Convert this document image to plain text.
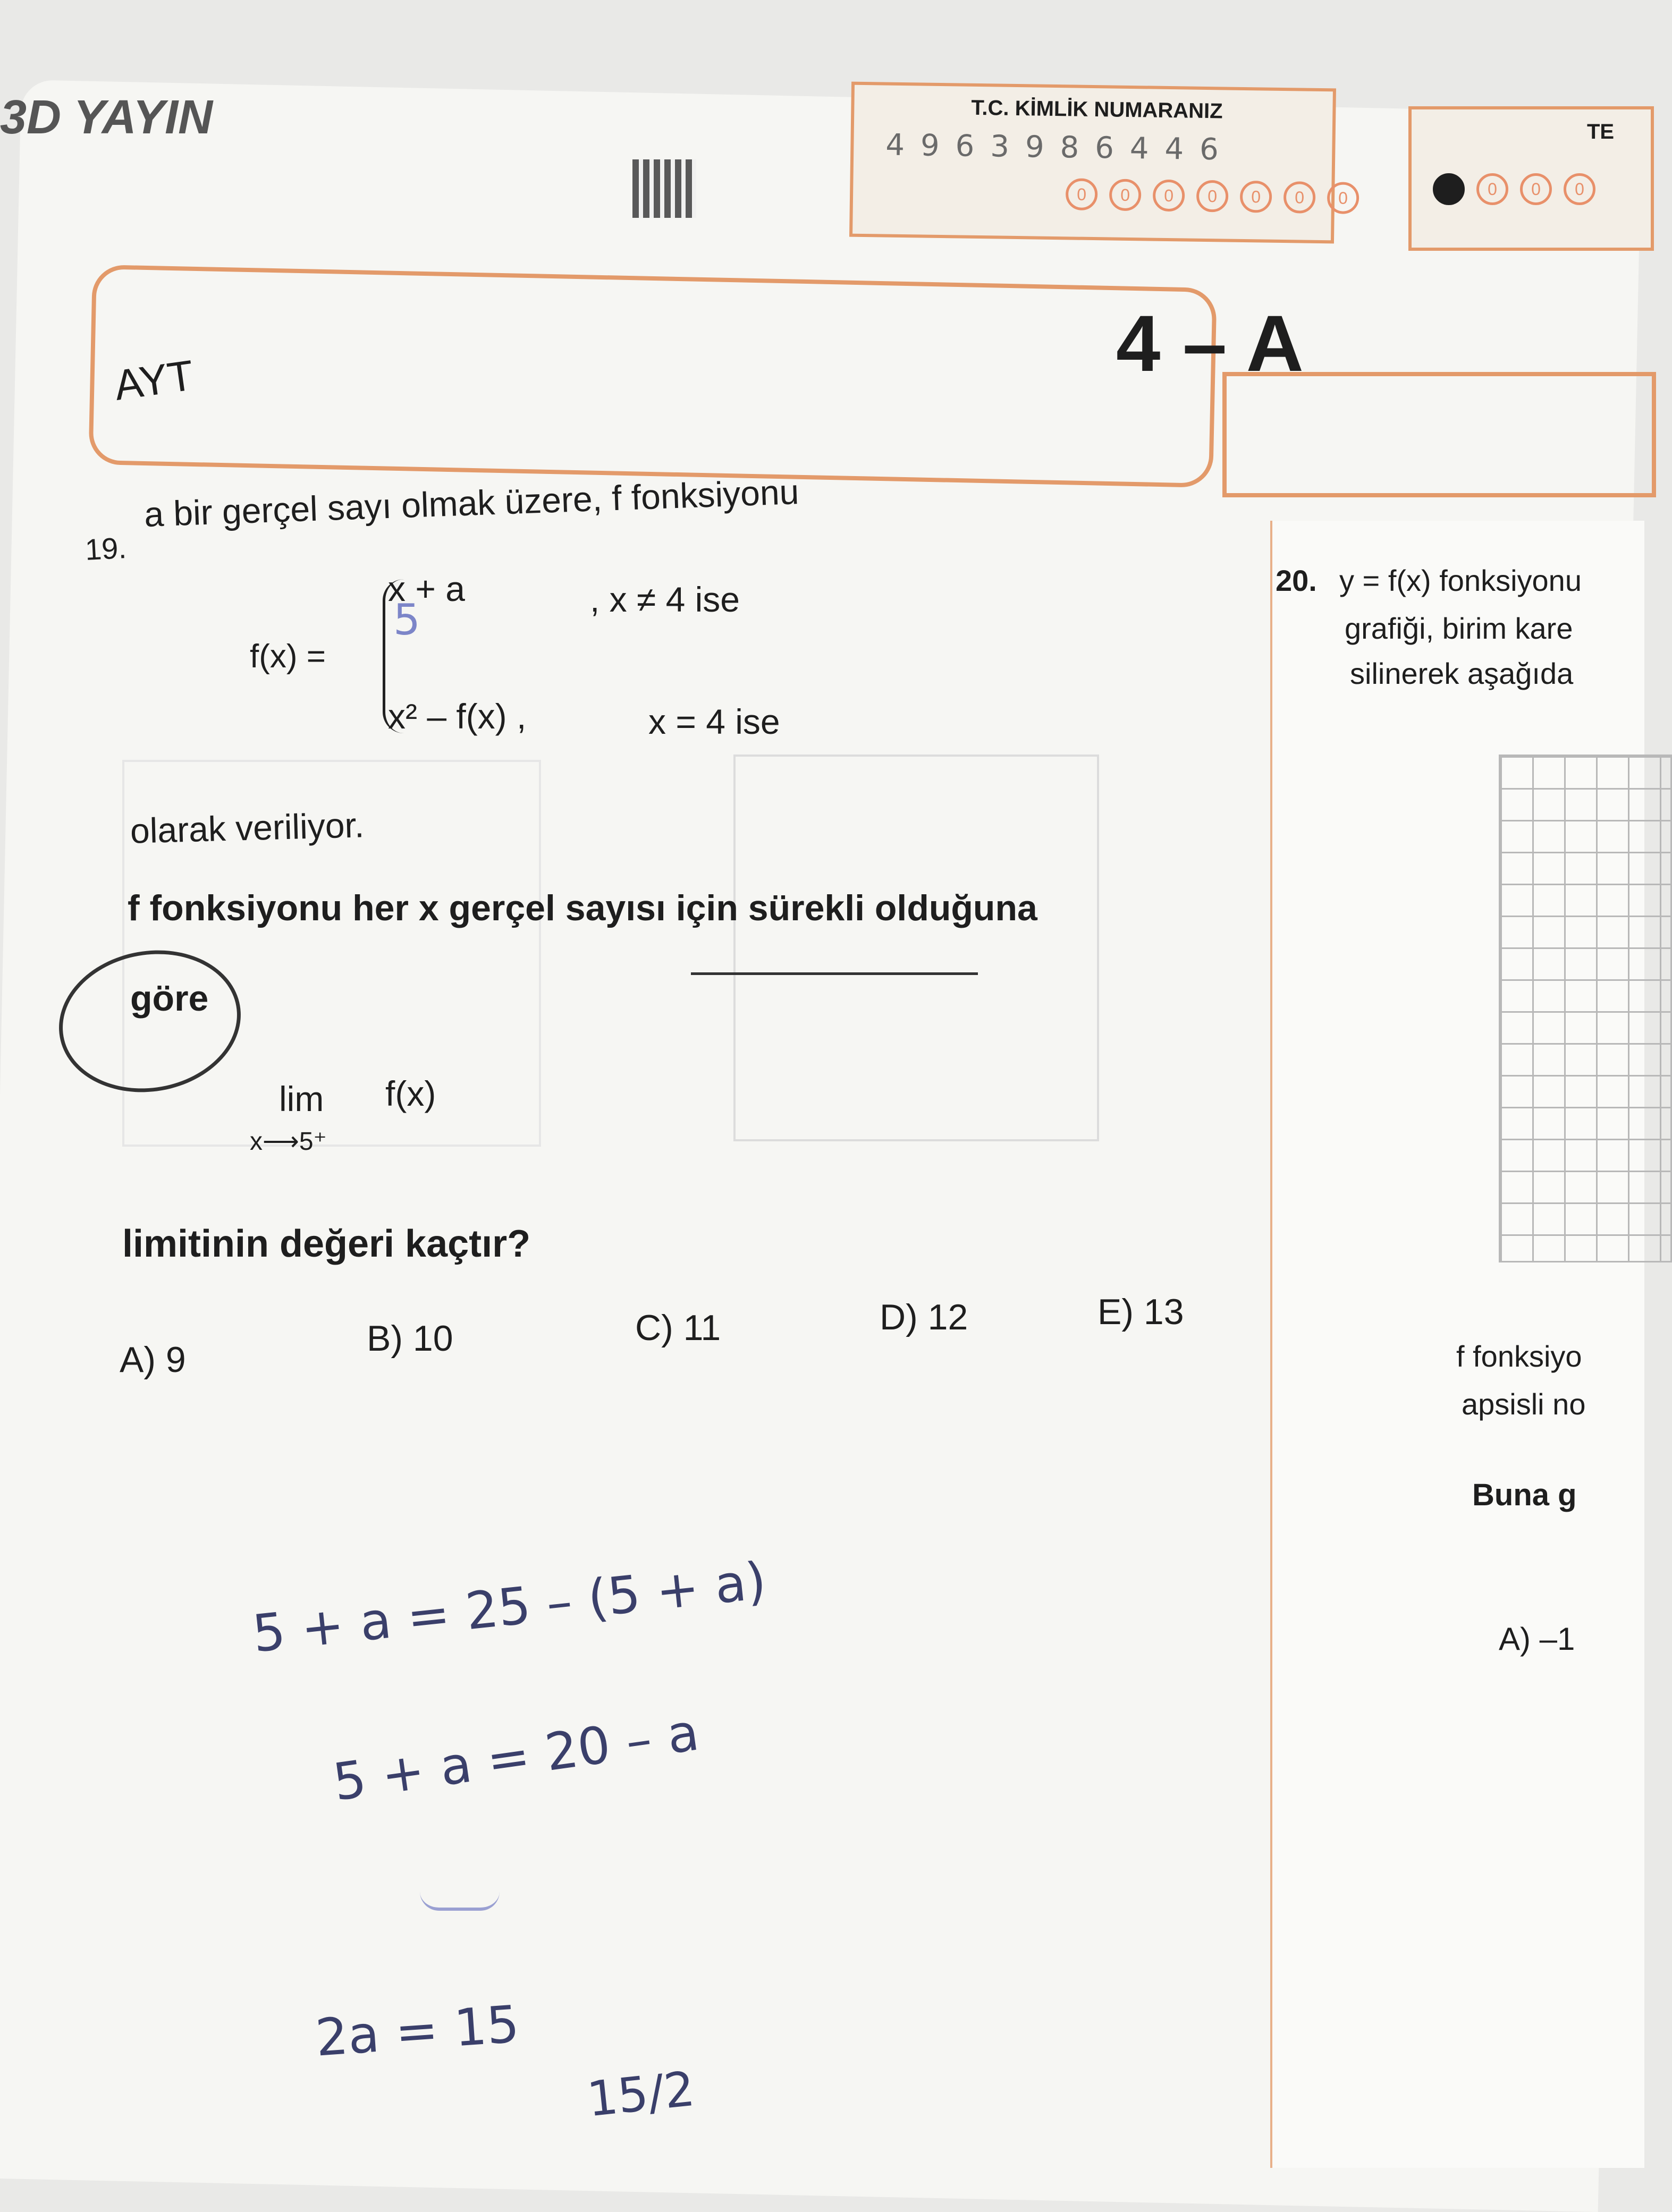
3D YAYIN	T.C. KİMLİK NUMARANIZ
4963986446
0	0	0	0	0	0	0
TE
0	0	0
AYT	4 – A
19.
a bir gerçel sayı olmak üzere, f fonksiyonu
f(x) =
x + a	, x ≠ 4 ise
x² – f(x) ,	x = 4 ise
5
olarak veriliyor.
f fonksiyonu her x gerçel sayısı için sürekli olduğuna
göre
lim
x⟶5⁺
f(x)
limitinin değeri kaçtır?
A) 9
B) 10	C) 11	D) 12	E) 13
5 + a = 25 – (5 + a)
5 + a = 20 – a
2a = 15
15/2
20. y = f(x) fonksiyonu
grafiği, birim kare
silinerek aşağıda
f fonksiyo
apsisli no
Buna g
A) –1
